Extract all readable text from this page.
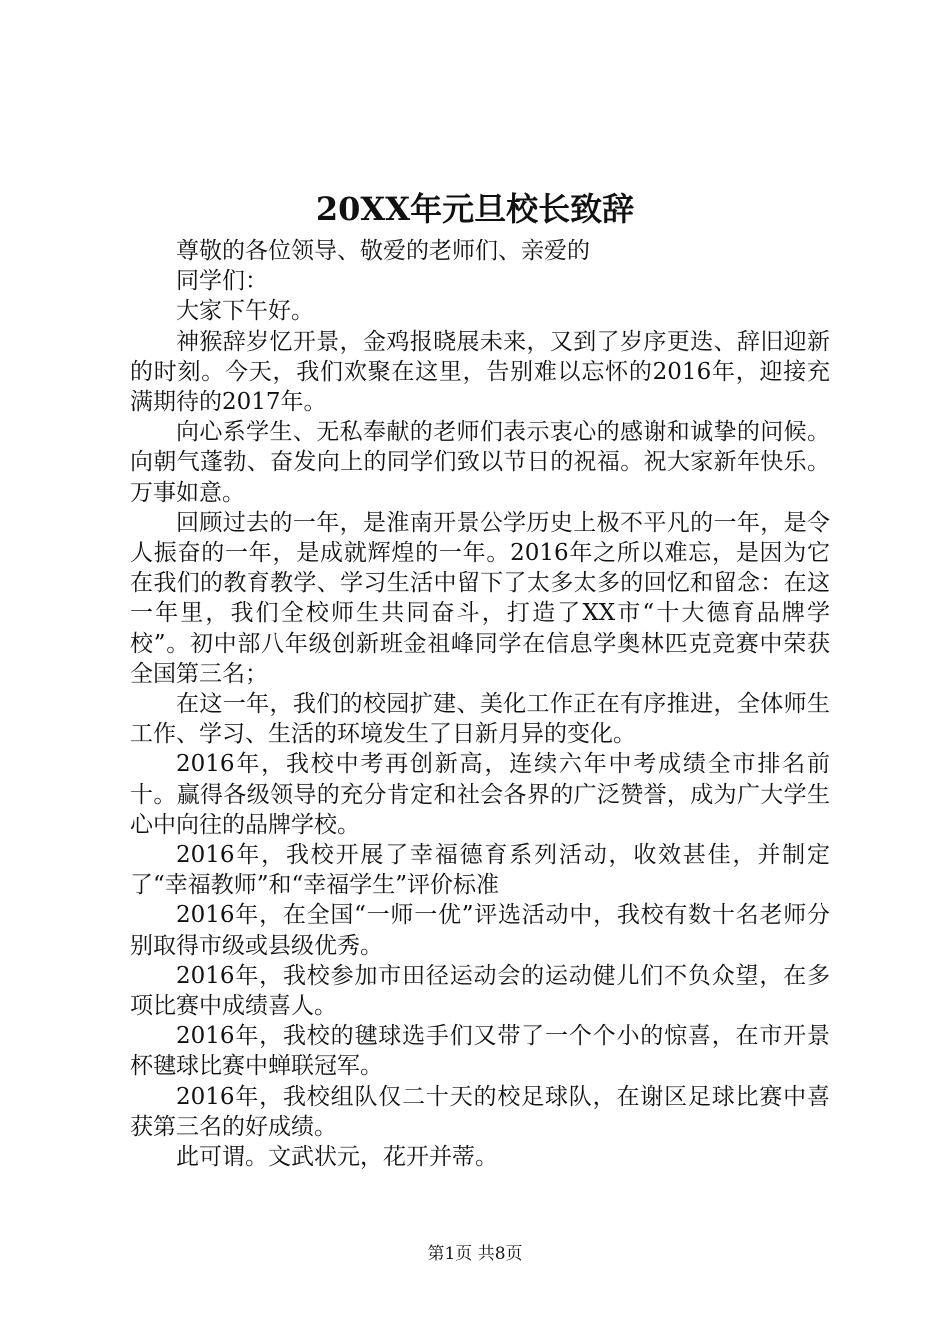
20XX年元旦校长致辞

尊敬的各位领导、敬爱的老师们、亲爱的

同学们：

大家下午好。

神猴辞岁忆开景，金鸡报晓展未来，又到了岁序更迭、辞旧迎新的时刻。今天，我们欢聚在这里，告别难以忘怀的2016年，迎接充满期待的2017年。

向心系学生、无私奉献的老师们表示衷心的感谢和诚挚的问候。向朝气蓬勃、奋发向上的同学们致以节日的祝福。祝大家新年快乐。万事如意。

回顾过去的一年，是淮南开景公学历史上极不平凡的一年，是令人振奋的一年，是成就辉煌的一年。2016年之所以难忘，是因为它在我们的教育教学、学习生活中留下了太多太多的回忆和留念：在这一年里，我们全校师生共同奋斗，打造了XX市“十大德育品牌学校”。初中部八年级创新班金祖峰同学在信息学奥林匹克竞赛中荣获全国第三名；

在这一年，我们的校园扩建、美化工作正在有序推进，全体师生工作、学习、生活的环境发生了日新月异的变化。

2016年，我校中考再创新高，连续六年中考成绩全市排名前十。赢得各级领导的充分肯定和社会各界的广泛赞誉，成为广大学生心中向往的品牌学校。

2016年，我校开展了幸福德育系列活动，收效甚佳，并制定了“幸福教师”和“幸福学生”评价标准

2016年，在全国“一师一优”评选活动中，我校有数十名老师分别取得市级或县级优秀。

2016年，我校参加市田径运动会的运动健儿们不负众望，在多项比赛中成绩喜人。

2016年，我校的毽球选手们又带了一个个小的惊喜，在市开景杯毽球比赛中蝉联冠军。

2016年，我校组队仅二十天的校足球队，在谢区足球比赛中喜获第三名的好成绩。

此可谓。文武状元，花开并蒂。

第1页 共8页
